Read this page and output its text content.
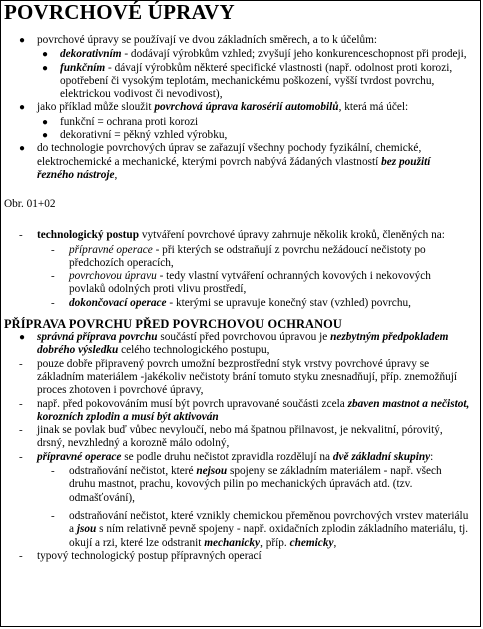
POVRCHOVÉ ÚPRAVY
● povrchové úpravy se používají ve dvou základních směrech, a to k účelům:
● dekorativním - dodávají výrobkům vzhled; zvyšují jeho konkurenceschopnost při prodeji,
● funkčním - dávají výrobkům některé specifické vlastnosti (např. odolnost proti korozi, opotřebení či vysokým teplotám, mechanickému poškození, vyšší tvrdost povrchu, elektrickou vodivost či nevodivost),
● jako příklad může sloužit povrchová úprava karosérií automobilů, která má účel:
● funkční = ochrana proti korozi
● dekorativní = pěkný vzhled výrobku,
● do technologie povrchových úprav se zařazují všechny pochody fyzikální, chemické, elektrochemické a mechanické, kterými povrch nabývá žádaných vlastností bez použití řezného nástroje,

Obr. 01+02

- technologický postup vytváření povrchové úpravy zahrnuje několik kroků, členěných na:
- přípravné operace - při kterých se odstraňují z povrchu nežádoucí nečistoty po předchozích operacích,
- povrchovou úpravu - tedy vlastní vytváření ochranných kovových i nekovových povlaků odolných proti vlivu prostředí,
- dokončovací operace - kterými se upravuje konečný stav (vzhled) povrchu,
PŘÍPRAVA POVRCHU PŘED POVRCHOVOU OCHRANOU
● správná příprava povrchu součástí před povrchovou úpravou je nezbytným předpokladem dobrého výsledku celého technologického postupu,
- pouze dobře připravený povrch umožní bezprostřední styk vrstvy povrchové úpravy se základním materiálem -jakékoliv nečistoty brání tomuto styku znesnadňují, příp. znemožňují proces zhotoven i povrchové úpravy,
- např. před pokovováním musí být povrch upravované součásti zcela zbaven mastnot a nečistot, korozních zplodin a musí být aktivován
- jinak se povlak buď vůbec nevyloučí, nebo má špatnou přilnavost, je nekvalitní, pórovitý, drsný, nevzhledný a korozně málo odolný,
- přípravné operace se podle druhu nečistot zpravidla rozdělují na dvě základní skupiny:
- odstraňování nečistot, které nejsou spojeny se základním materiálem - např. všech druhu mastnot, prachu, kovových pilin po mechanických úpravách atd. (tzv. odmašťování),
- odstraňování nečistot, které vznikly chemickou přeměnou povrchových vrstev materiálu a jsou s ním relativně pevně spojeny - např. oxidačních zplodin základního materiálu, tj. okují a rzi, které lze odstranit mechanicky, příp. chemicky,
- typový technologický postup přípravných operací
